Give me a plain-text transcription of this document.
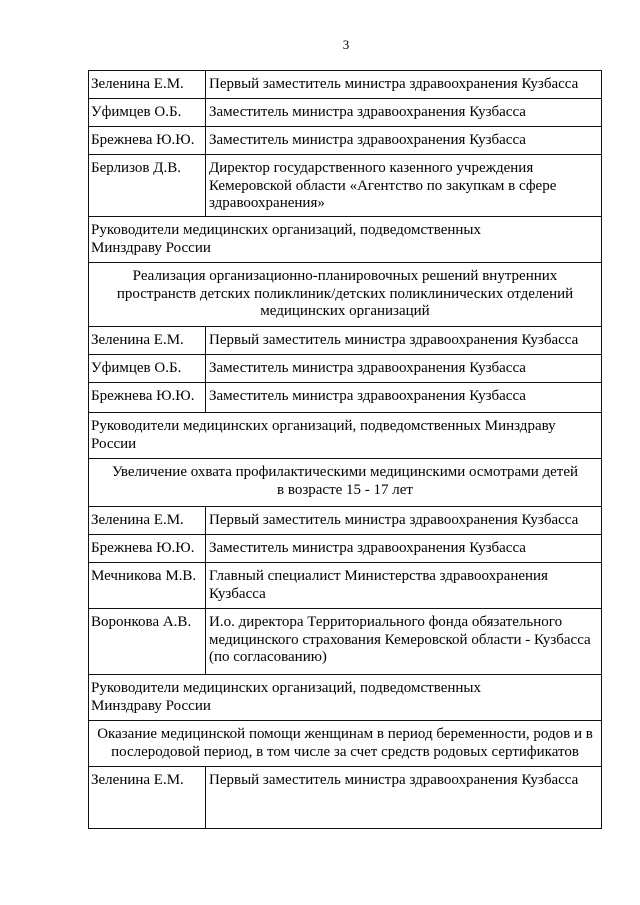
3
Зеленина Е.М.	Первый заместитель министра здравоохранения Кузбасса
Уфимцев О.Б.	Заместитель министра здравоохранения Кузбасса
Брежнева Ю.Ю. Заместитель министра здравоохранения Кузбасса
Берлизов Д.В.	Директор государственного казенного учреждения
Кемеровской области «Агентство по закупкам в сфере
здравоохранения»
Руководители медицинских организаций, подведомственных
Минздраву России
Реализация организационно-планировочных решений внутренних
пространств детских поликлиник/детских поликлинических отделений
медицинских организаций
Зеленина Е.М.	Первый заместитель министра здравоохранения Кузбасса
Уфимцев О.Б.	Заместитель министра здравоохранения Кузбасса
Брежнева Ю.Ю. Заместитель министра здравоохранения Кузбасса
Руководители медицинских организаций, подведомственных Минздраву
России
Увеличение охвата профилактическими медицинскими осмотрами детей
в возрасте 15 - 17 лет
Зеленина Е.М.	Первый заместитель министра здравоохранения Кузбасса
Брежнева Ю.Ю. Заместитель министра здравоохранения Кузбасса
Мечникова М.В. Главный специалист Министерства здравоохранения
Кузбасса
Воронкова А.В.	И.о. директора Территориального фонда обязательного
медицинского страхования Кемеровской области - Кузбасса
(по согласованию)
Руководители медицинских организаций, подведомственных
Минздраву России
Оказание медицинской помощи женщинам в период беременности, родов и в
послеродовой период, в том числе за счет средств родовых сертификатов
Зеленина Е.М.	Первый заместитель министра здравоохранения Кузбасса
